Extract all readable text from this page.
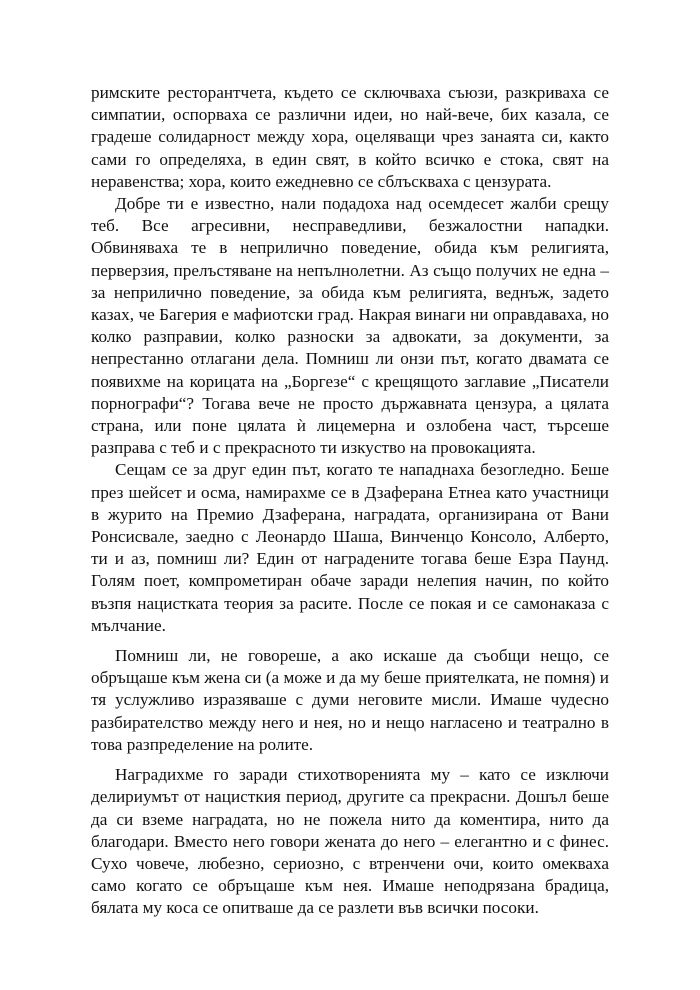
римските ресторантчета, където се сключваха съюзи, разкриваха се симпатии, оспорваха се различни идеи, но най-вече, бих казала, се градеше солидарност между хора, оцеляващи чрез занаята си, както сами го определяха, в един свят, в който всичко е стока, свят на неравенства; хора, които ежедневно се сблъскваха с цензурата.

Добре ти е известно, нали подадоха над осемдесет жалби срещу теб. Все агресивни, несправедливи, безжалостни нападки. Обвиняваха те в неприлично поведение, обида към религията, перверзия, прелъстяване на непълнолетни. Аз също получих не една – за неприлично поведение, за обида към религията, веднъж, задето казах, че Багерия е мафиотски град. Накрая винаги ни оправдаваха, но колко разправии, колко разноски за адвокати, за документи, за непрестанно отлагани дела. Помниш ли онзи път, когато двамата се появихме на корицата на „Боргезе“ с крещящото заглавие „Писатели порнографи“? Тогава вече не просто държавната цензура, а цялата страна, или поне цялата ѝ лицемерна и озлобена част, търсеше разправа с теб и с прекрасното ти изкуство на провокацията.

Сещам се за друг един път, когато те нападнаха безогледно. Беше през шейсет и осма, намирахме се в Дзаферана Етнеа като участници в журито на Премио Дзаферана, наградата, организирана от Вани Ронсисвале, заедно с Леонардо Шаша, Винченцо Консоло, Алберто, ти и аз, помниш ли? Един от наградените тогава беше Езра Паунд. Голям поет, компрометиран обаче заради нелепия начин, по който възпя нацистката теория за расите. После се покая и се самонаказа с мълчание.

Помниш ли, не говореше, а ако искаше да съобщи нещо, се обръщаше към жена си (а може и да му беше приятелката, не помня) и тя услужливо изразяваше с думи неговите мисли. Имаше чудесно разбирателство между него и нея, но и нещо нагласено и театрално в това разпределение на ролите.

Наградихме го заради стихотворенията му – като се изключи делириумът от нацисткия период, другите са прекрасни. Дошъл беше да си вземе наградата, но не пожела нито да коментира, нито да благодари. Вместо него говори жената до него – елегантно и с финес. Сухо човече, любезно, сериозно, с втренчени очи, които омекваха само когато се обръщаше към нея. Имаше неподрязана брадица, бялата му коса се опитваше да се разлети във всички посоки.
